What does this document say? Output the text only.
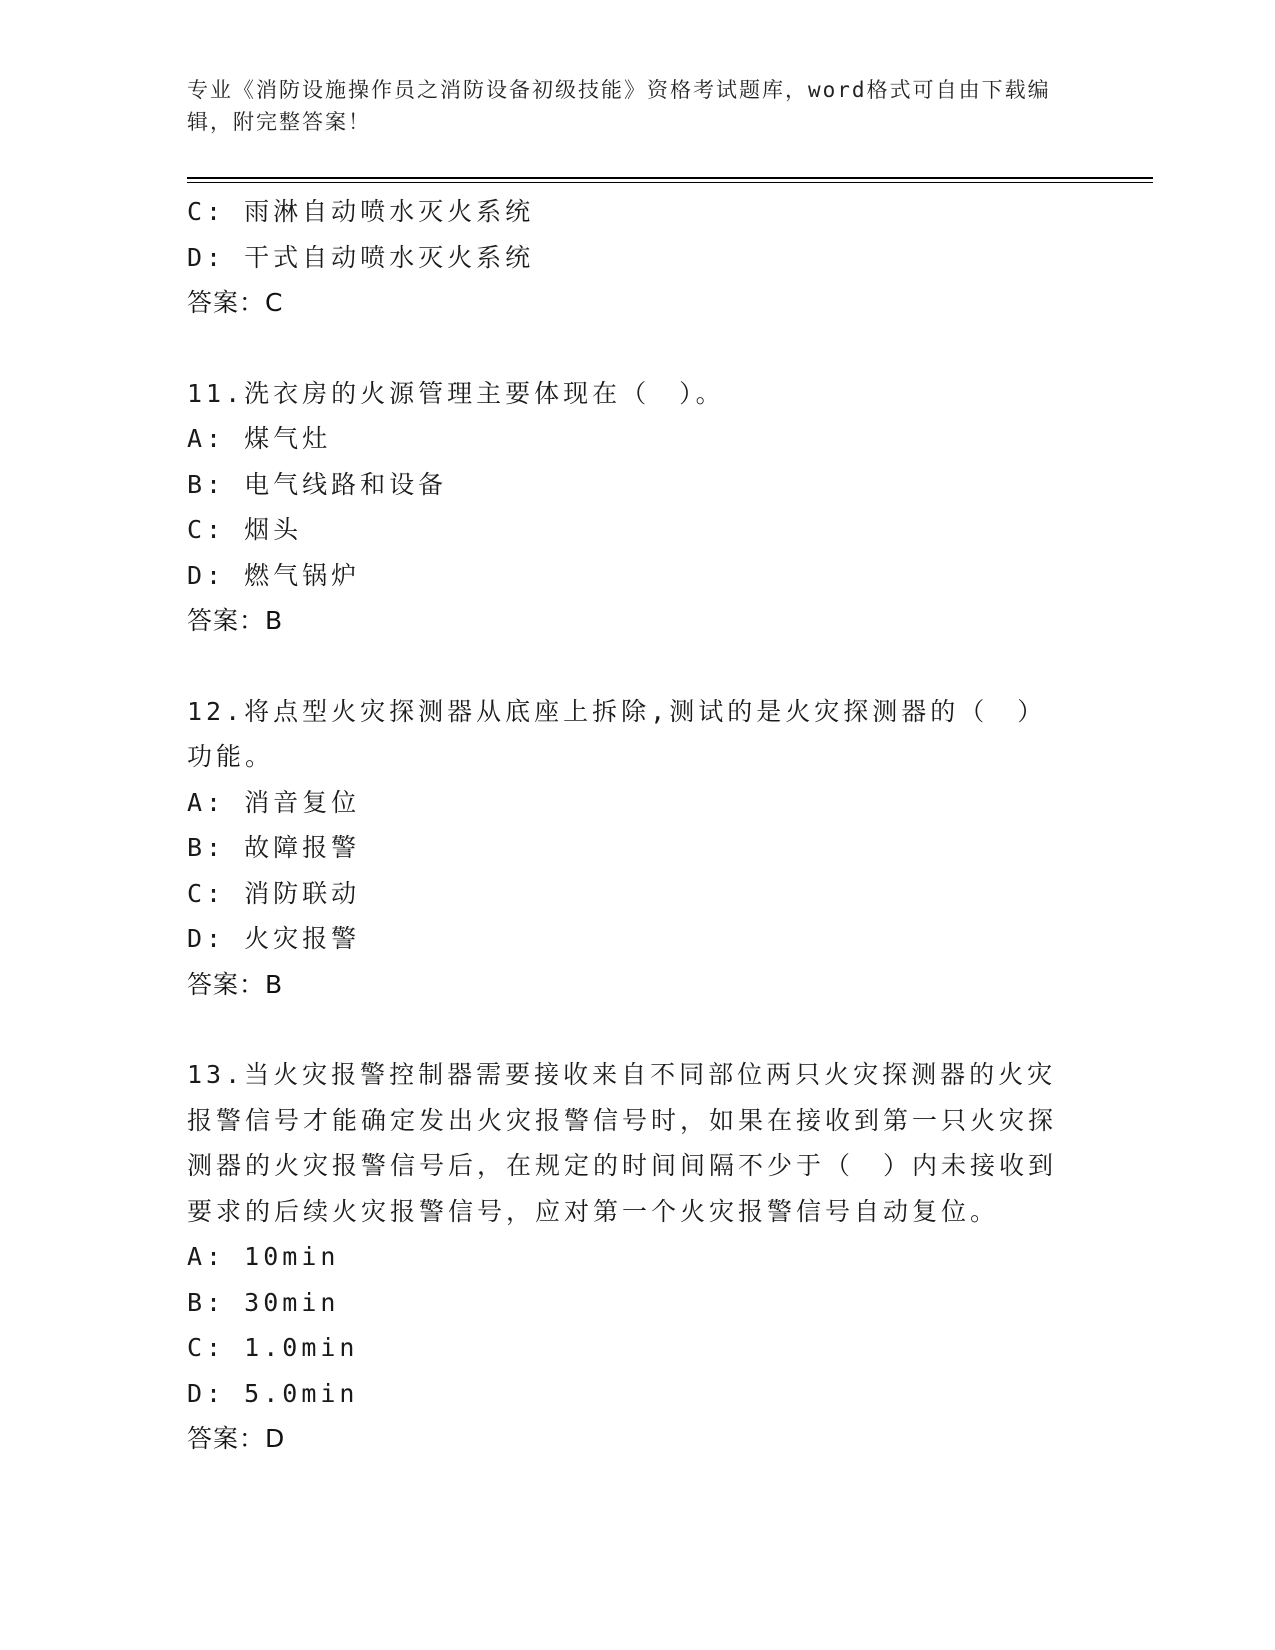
专业《消防设施操作员之消防设备初级技能》资格考试题库，word格式可自由下载编辑，附完整答案！
C: 雨淋自动喷水灭火系统
D: 干式自动喷水灭火系统
答案：C
11.洗衣房的火源管理主要体现在（　）。
A: 煤气灶
B: 电气线路和设备
C: 烟头
D: 燃气锅炉
答案：B
12.将点型火灾探测器从底座上拆除,测试的是火灾探测器的（　）功能。
A: 消音复位
B: 故障报警
C: 消防联动
D: 火灾报警
答案：B
13.当火灾报警控制器需要接收来自不同部位两只火灾探测器的火灾报警信号才能确定发出火灾报警信号时，如果在接收到第一只火灾探测器的火灾报警信号后，在规定的时间间隔不少于（　）内未接收到要求的后续火灾报警信号，应对第一个火灾报警信号自动复位。
A: 10min
B: 30min
C: 1.0min
D: 5.0min
答案：D
